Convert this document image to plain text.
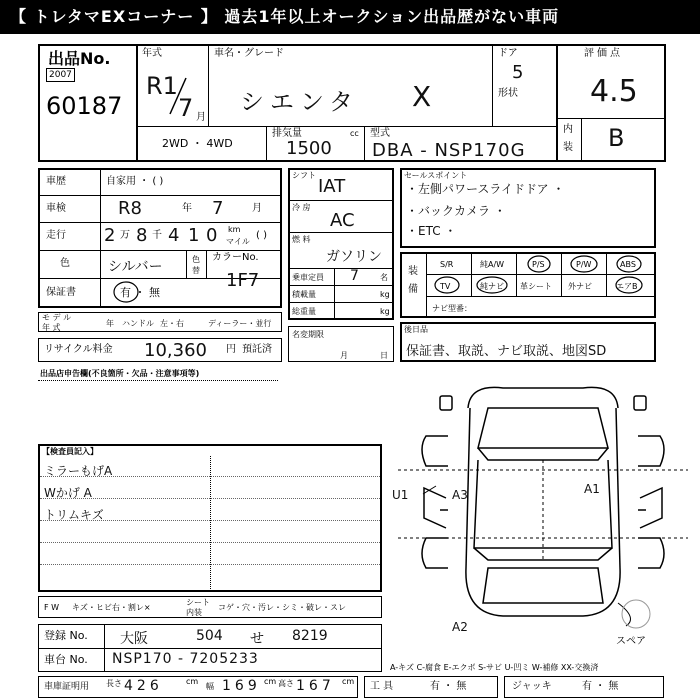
【 トレタマEXコーナー 】 過去1年以上オークション出品歴がない車両
出品No.
2007
60187
年式
R1
7 月
車名・グレード
シエンタ X
ドア
5
形状
評価点
4.5
内
装 B
2WD ・ 4WD
排気量	cc
1500
型式
DBA - NSP170G
車歴	自家用 ・ ( )
車検	R8	年 7	月
走行 2 万 8 千 4 1 0 km
マイル
( )
色	シルバー	色
替
カラーNo.
1F7
保証書	有 ・ 無
モ デ ル
年 式	年 ハンドル 左・右	ディーラー・並行
リサイクル料金 10,360 円 預託済
シフト
IAT
冷 房
AC
燃 料
ガソリン
乗車定員 7	名
積載量	kg
総重量	kg
名変期限
月	日
セールスポイント
・左側パワースライドドア ・
・バックカメラ ・
・ETC ・
装
備
S/R	純A/W	P/S	P/W	ABS
TV	純ナビ 革シート 外ナビ	エアB
ナビ型番：
後日品
保証書、取説、ナビ取説、地図SD
出品店申告欄(不良箇所・欠品・注意事項等)
【検査員記入】
ミラーもげA
Wかげ A
トリムキズ
U1	A3	A1
A2
スペア
F W キズ・ヒビ右・割レ×
シート
内装
コゲ・穴・汚レ・シミ・破レ・スレ
登録 No. 大阪	504 せ 8219
車台 No. NSP170 - 7205233
A-キズ C-腐食 E-エクボ S-サビ U-凹ミ W-補修 XX-交換済
車庫証明用 長さ 426	cm
幅 169 cm 高さ 167 cm 工 具	有 ・ 無	ジャッキ	有 ・ 無
